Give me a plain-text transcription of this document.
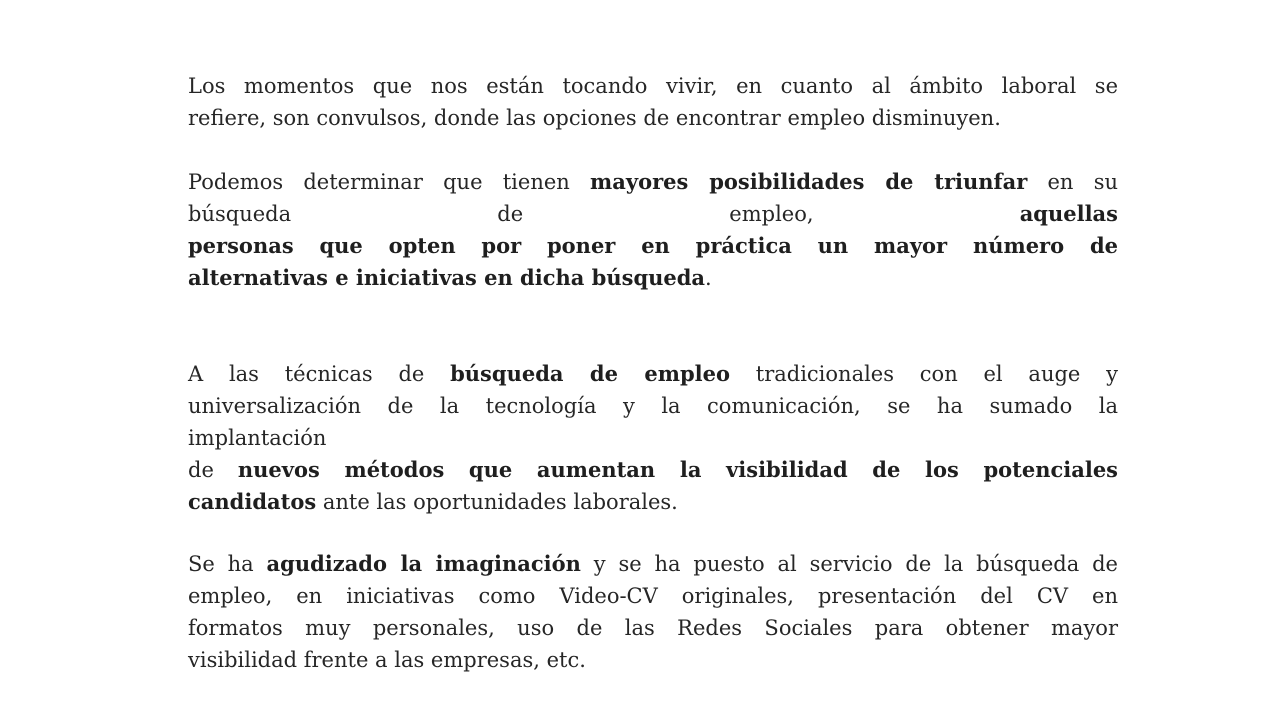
Los momentos que nos están tocando vivir, en cuanto al ámbito laboral se
refiere, son convulsos, donde las opciones de encontrar empleo disminuyen.

Podemos determinar que tienen mayores posibilidades de triunfar en su
búsqueda de empleo, aquellas
personas que opten por poner en práctica un mayor número de
alternativas e iniciativas en dicha búsqueda.

A las técnicas de búsqueda de empleo tradicionales con el auge y
universalización de la tecnología y la comunicación, se ha sumado la
implantación
de nuevos métodos que aumentan la visibilidad de los potenciales
candidatos ante las oportunidades laborales.

Se ha agudizado la imaginación y se ha puesto al servicio de la búsqueda de
empleo, en iniciativas como Video-CV originales, presentación del CV en
formatos muy personales, uso de las Redes Sociales para obtener mayor
visibilidad frente a las empresas, etc.
